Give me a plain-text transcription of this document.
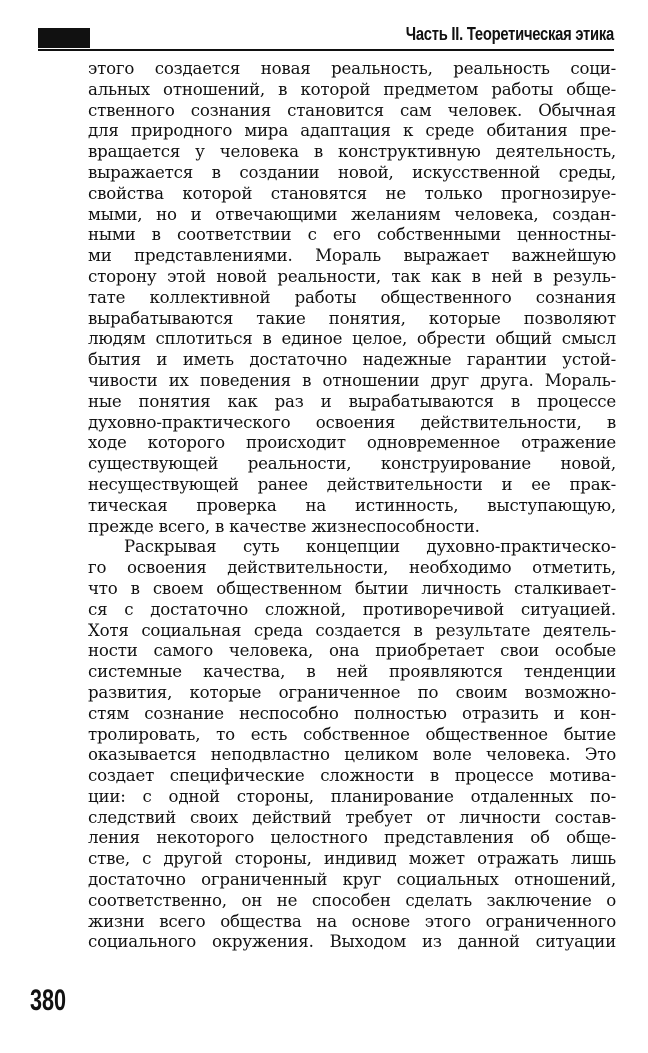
Часть II. Теоретическая этика
этого создается новая реальность, реальность соци-
альных отношений, в которой предметом работы обще-
ственного сознания становится сам человек. Обычная
для природного мира адаптация к среде обитания пре-
вращается у человека в конструктивную деятельность,
выражается в создании новой, искусственной среды,
свойства которой становятся не только прогнозируе-
мыми, но и отвечающими желаниям человека, создан-
ными в соответствии с его собственными ценностны-
ми представлениями. Мораль выражает важнейшую
сторону этой новой реальности, так как в ней в резуль-
тате коллективной работы общественного сознания
вырабатываются такие понятия, которые позволяют
людям сплотиться в единое целое, обрести общий смысл
бытия и иметь достаточно надежные гарантии устой-
чивости их поведения в отношении друг друга. Мораль-
ные понятия как раз и вырабатываются в процессе
духовно-практического освоения действительности, в
ходе которого происходит одновременное отражение
существующей реальности, конструирование новой,
несуществующей ранее действительности и ее прак-
тическая проверка на истинность, выступающую,
прежде всего, в качестве жизнеспособности.
Раскрывая суть концепции духовно-практическо-
го освоения действительности, необходимо отметить,
что в своем общественном бытии личность сталкивает-
ся с достаточно сложной, противоречивой ситуацией.
Хотя социальная среда создается в результате деятель-
ности самого человека, она приобретает свои особые
системные качества, в ней проявляются тенденции
развития, которые ограниченное по своим возможно-
стям сознание неспособно полностью отразить и кон-
тролировать, то есть собственное общественное бытие
оказывается неподвластно целиком воле человека. Это
создает специфические сложности в процессе мотива-
ции: с одной стороны, планирование отдаленных по-
следствий своих действий требует от личности состав-
ления некоторого целостного представления об обще-
стве, с другой стороны, индивид может отражать лишь
достаточно ограниченный круг социальных отношений,
соответственно, он не способен сделать заключение о
жизни всего общества на основе этого ограниченного
социального окружения. Выходом из данной ситуации
380
